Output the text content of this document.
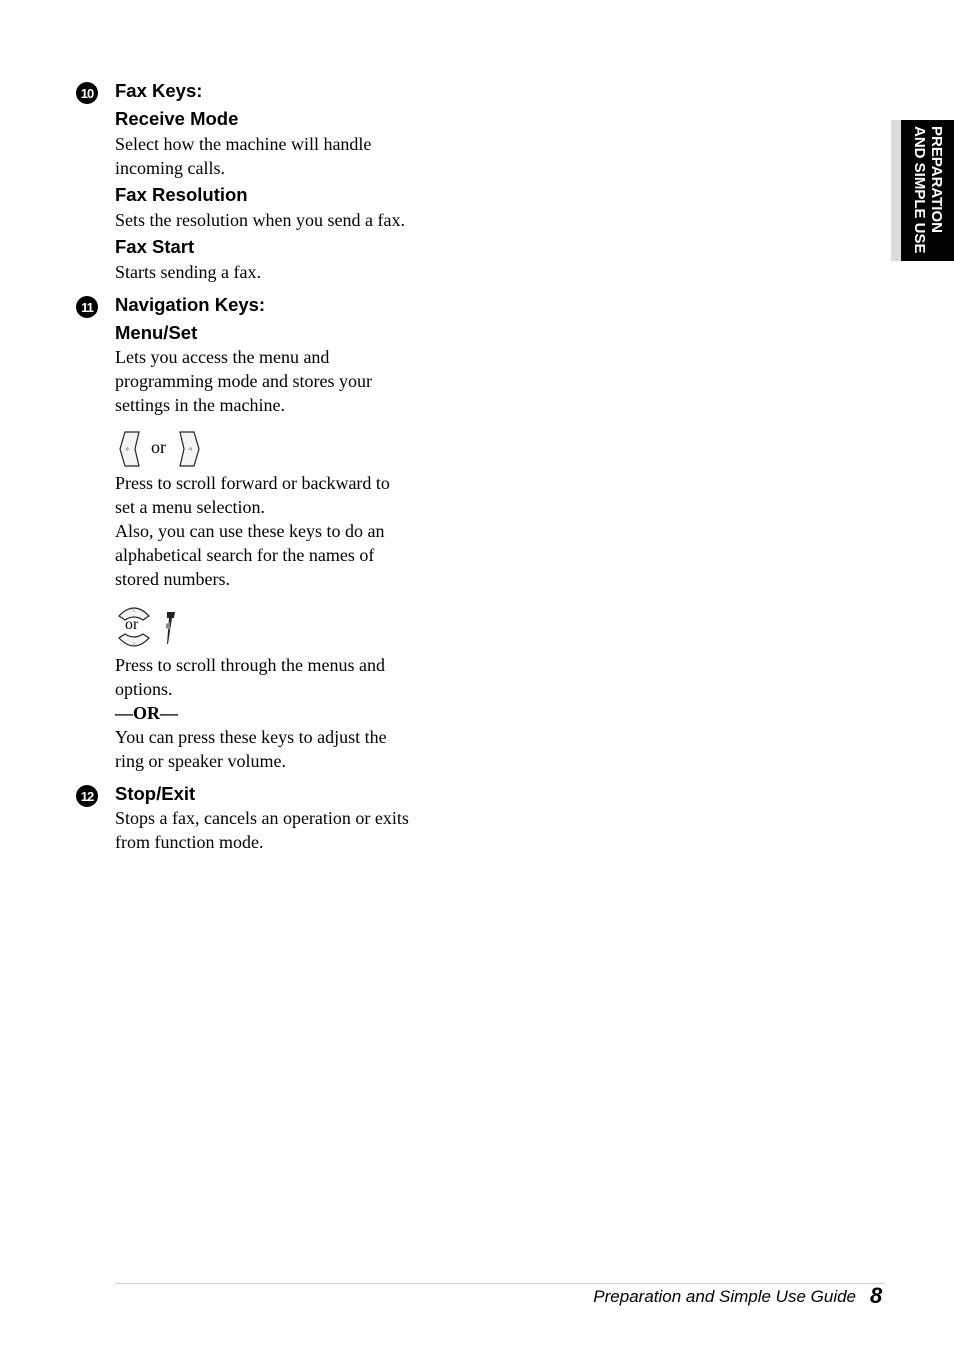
PREPARATION
AND SIMPLE USE
10 Fax Keys:
Receive Mode
Select how the machine will handle
incoming calls.
Fax Resolution
Sets the resolution when you send a fax.
Fax Start
Starts sending a fax.
11 Navigation Keys:
Menu/Set
Lets you access the menu and
programming mode and stores your
settings in the machine.
or
Press to scroll forward or backward to
set a menu selection.
Also, you can use these keys to do an
alphabetical search for the names of
stored numbers.
or
Press to scroll through the menus and
options.
—OR—
You can press these keys to adjust the
ring or speaker volume.
12 Stop/Exit
Stops a fax, cancels an operation or exits
from function mode.
Preparation and Simple Use Guide 8
